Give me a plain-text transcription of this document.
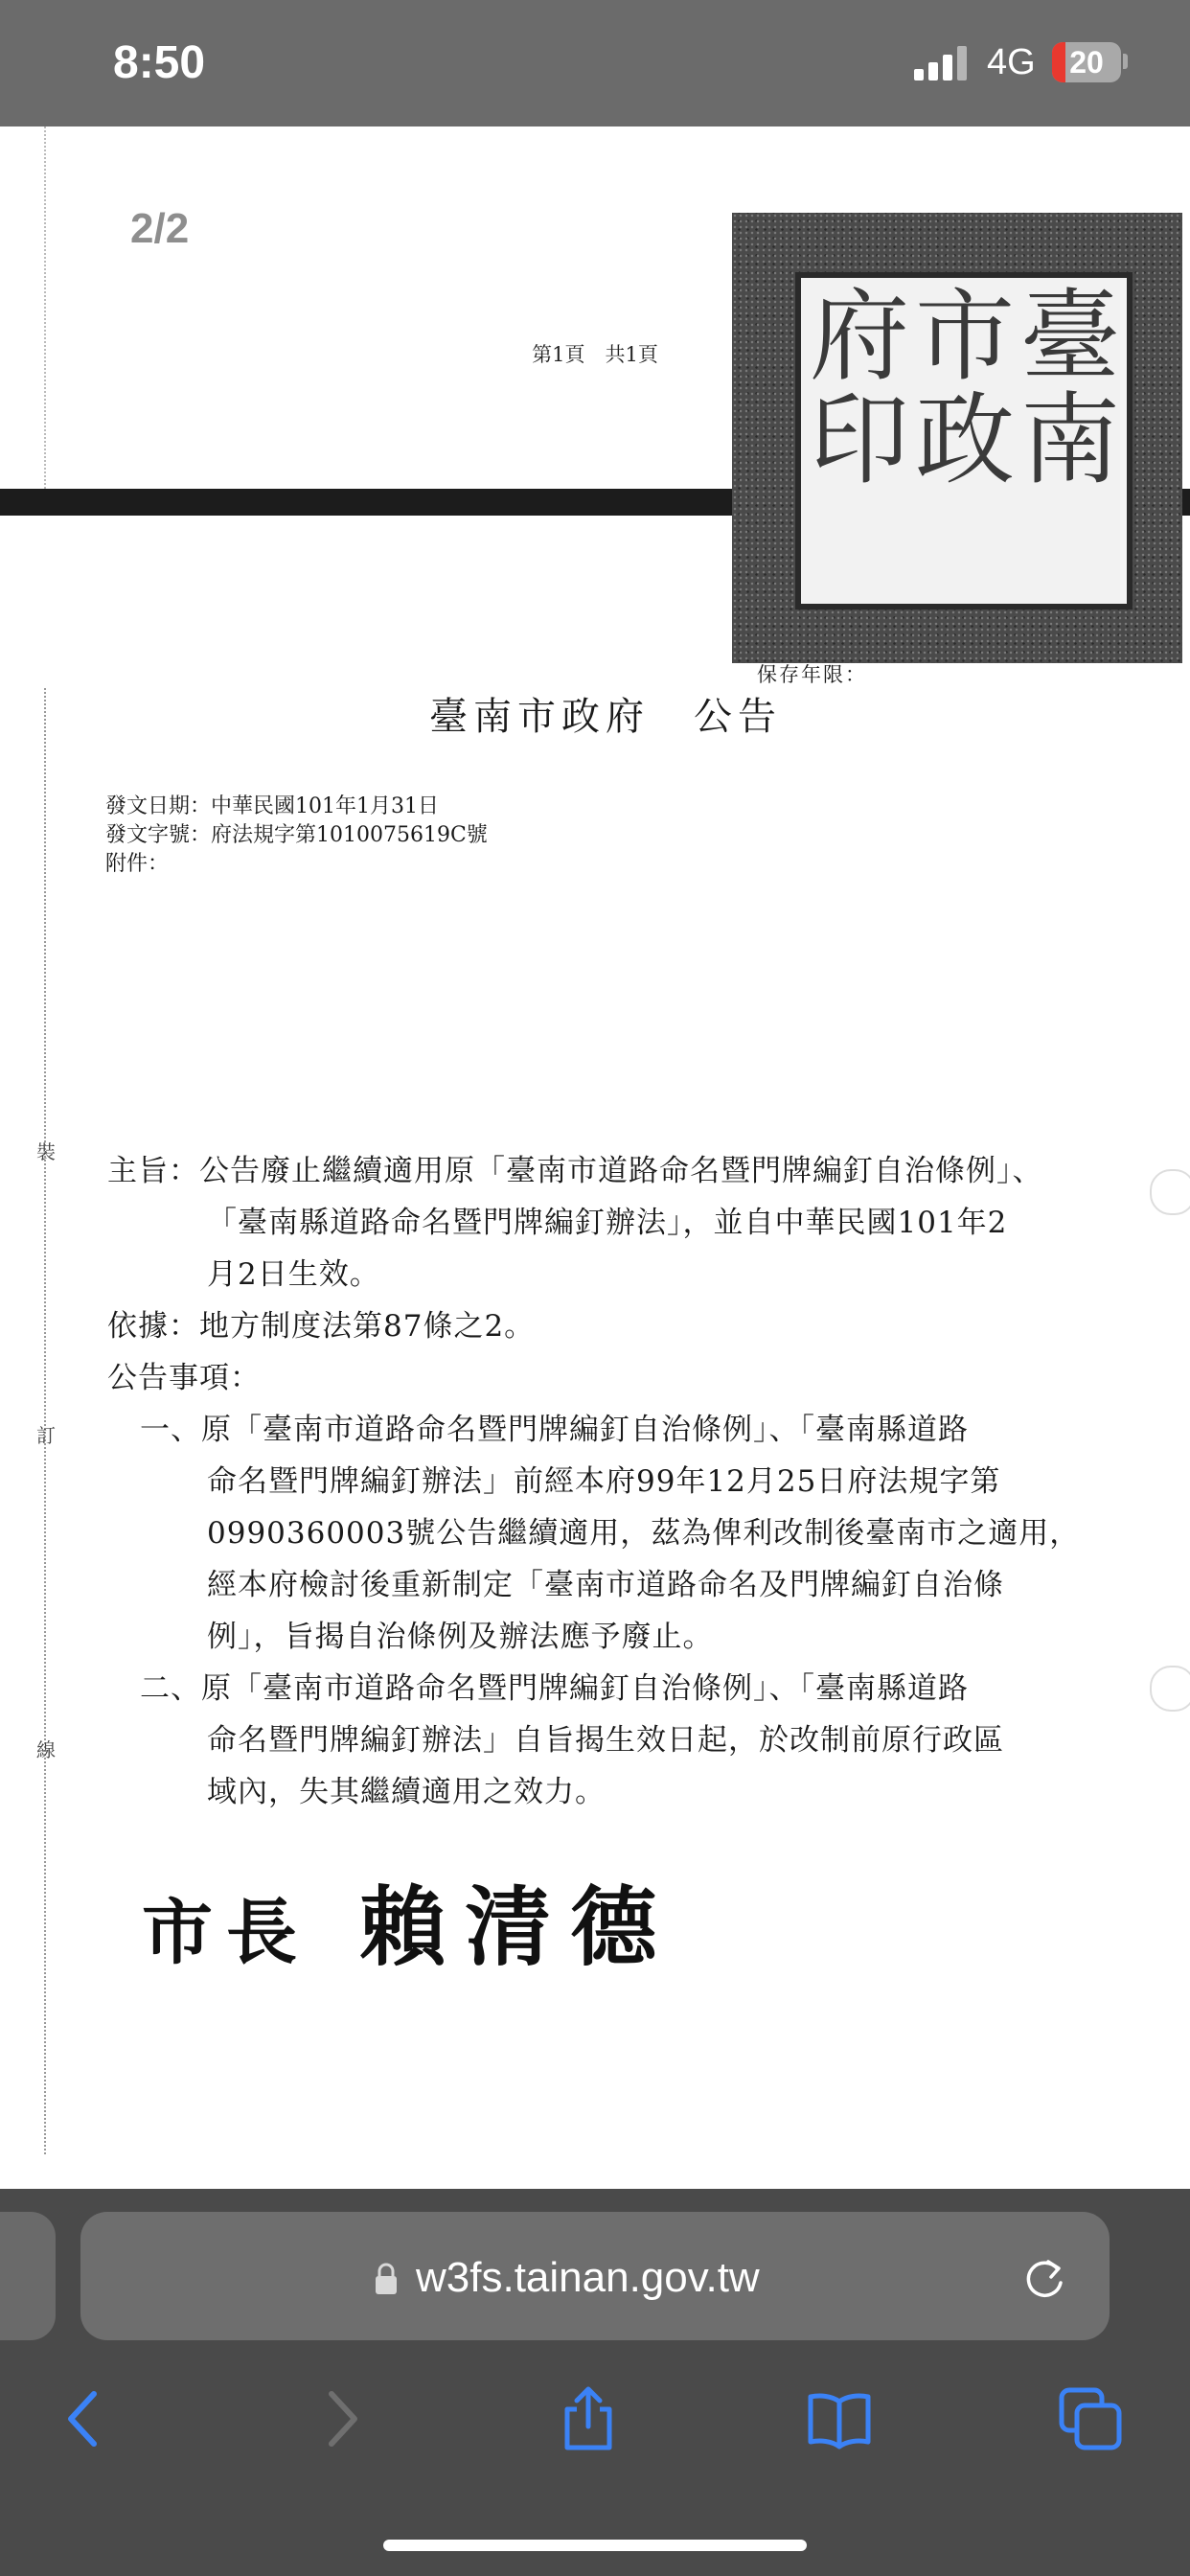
8:50	4G	20
2/2
第1頁　共1頁
裝
訂
線
保存年限：
臺南市政府　公告
發文日期：中華民國101年1月31日
發文字號：府法規字第1010075619C號
附件：
主旨：公告廢止繼續適用原「臺南市道路命名暨門牌編釘自治條例」、
「臺南縣道路命名暨門牌編釘辦法」，並自中華民國101年2
月2日生效。
依據：地方制度法第87條之2。
公告事項：
一、原「臺南市道路命名暨門牌編釘自治條例」、「臺南縣道路
命名暨門牌編釘辦法」前經本府99年12月25日府法規字第
0990360003號公告繼續適用，茲為俾利改制後臺南市之適用，
經本府檢討後重新制定「臺南市道路命名及門牌編釘自治條
例」，旨揭自治條例及辦法應予廢止。
二、原「臺南市道路命名暨門牌編釘自治條例」、「臺南縣道路
命名暨門牌編釘辦法」自旨揭生效日起，於改制前原行政區
域內，失其繼續適用之效力。
市長 賴清德
臺
南
市
政
府
印
w3fs.tainan.gov.tw
